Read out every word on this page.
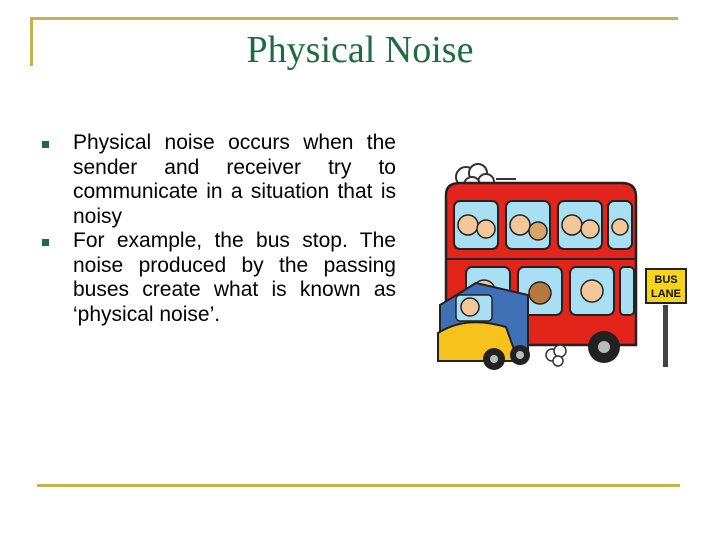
Physical Noise
Physical noise occurs when the sender and receiver try to communicate in a situation that is noisy
For example, the bus stop. The noise produced by the passing buses create what is known as ‘physical noise’.
BUS
LANE
